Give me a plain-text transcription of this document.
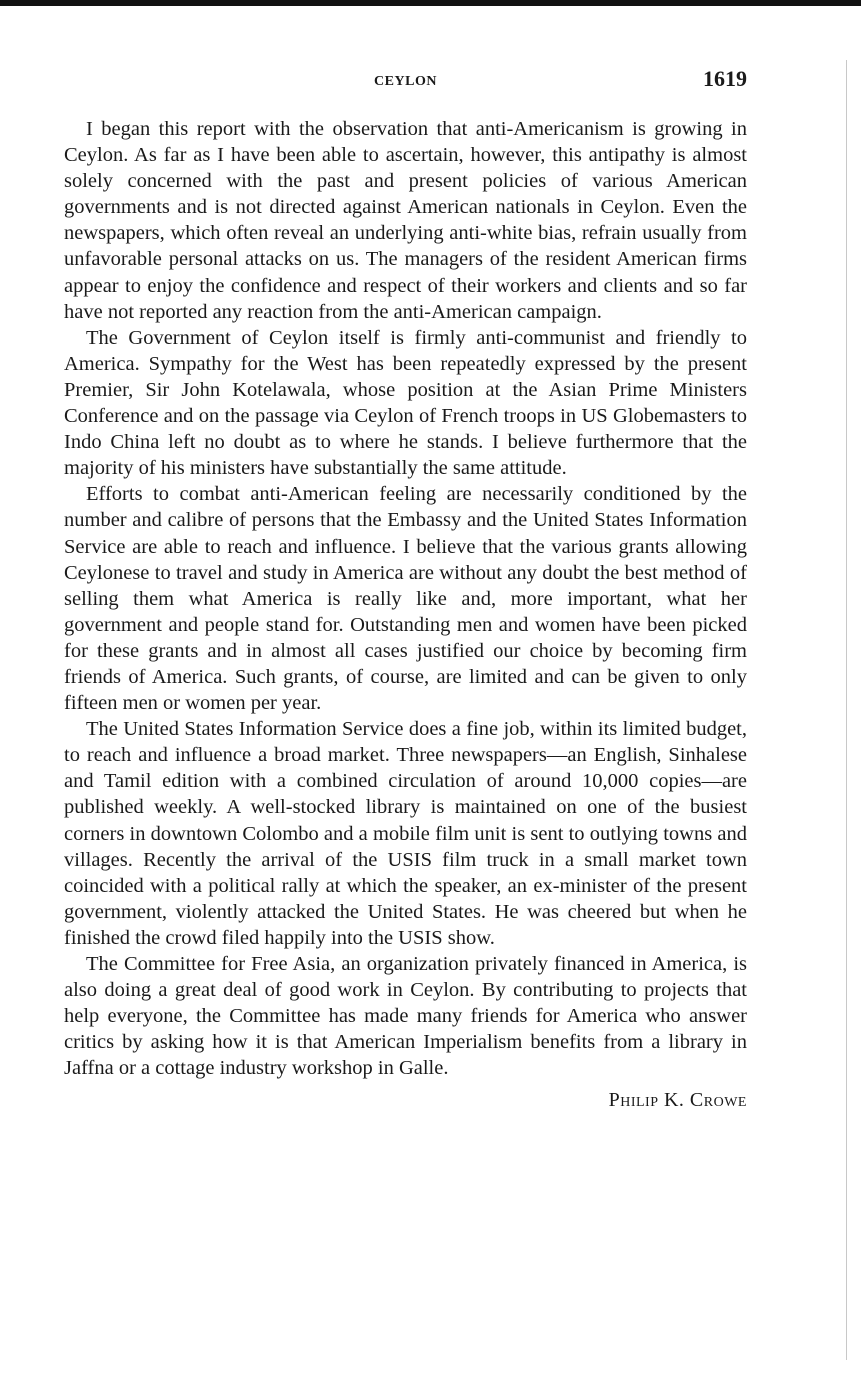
CEYLON	1619

I began this report with the observation that anti-Americanism is growing in Ceylon. As far as I have been able to ascertain, however, this antipathy is almost solely concerned with the past and present policies of various American governments and is not directed against American nationals in Ceylon. Even the newspapers, which often reveal an underlying anti-white bias, refrain usually from unfavorable personal attacks on us. The managers of the resident American firms appear to enjoy the confidence and respect of their workers and clients and so far have not reported any reaction from the anti-American campaign.

The Government of Ceylon itself is firmly anti-communist and friendly to America. Sympathy for the West has been repeatedly expressed by the present Premier, Sir John Kotelawala, whose position at the Asian Prime Ministers Conference and on the passage via Ceylon of French troops in US Globemasters to Indo China left no doubt as to where he stands. I believe furthermore that the majority of his ministers have substantially the same attitude.

Efforts to combat anti-American feeling are necessarily conditioned by the number and calibre of persons that the Embassy and the United States Information Service are able to reach and influence. I believe that the various grants allowing Ceylonese to travel and study in America are without any doubt the best method of selling them what America is really like and, more important, what her government and people stand for. Outstanding men and women have been picked for these grants and in almost all cases justified our choice by becoming firm friends of America. Such grants, of course, are limited and can be given to only fifteen men or women per year.

The United States Information Service does a fine job, within its limited budget, to reach and influence a broad market. Three newspapers—an English, Sinhalese and Tamil edition with a combined circulation of around 10,000 copies—are published weekly. A well-stocked library is maintained on one of the busiest corners in downtown Colombo and a mobile film unit is sent to outlying towns and villages. Recently the arrival of the USIS film truck in a small market town coincided with a political rally at which the speaker, an ex-minister of the present government, violently attacked the United States. He was cheered but when he finished the crowd filed happily into the USIS show.

The Committee for Free Asia, an organization privately financed in America, is also doing a great deal of good work in Ceylon. By contributing to projects that help everyone, the Committee has made many friends for America who answer critics by asking how it is that American Imperialism benefits from a library in Jaffna or a cottage industry workshop in Galle.

Philip K. Crowe
